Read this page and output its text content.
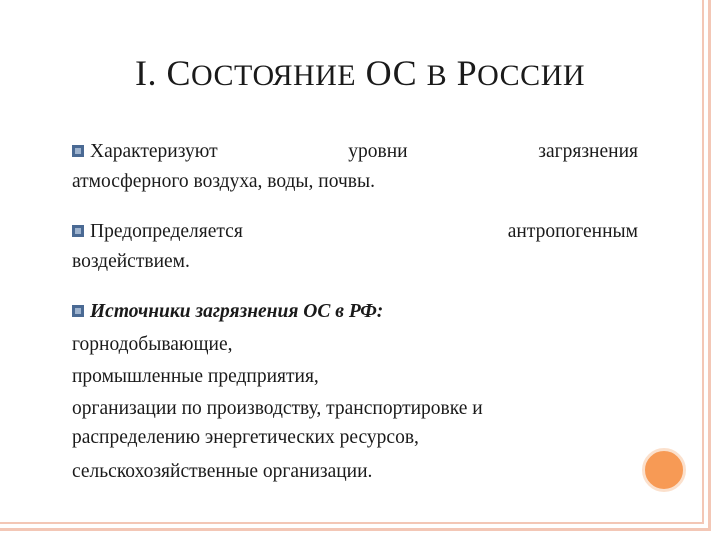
I. СОСТОЯНИЕ ОС В РОССИИ
Характеризуют	уровни	загрязнения
атмосферного воздуха, воды, почвы.
Предопределяется	антропогенным
воздействием.
Источники загрязнения ОС в РФ:
горнодобывающие,
промышленные предприятия,
организации по производству, транспортировке и
распределению энергетических ресурсов,
сельскохозяйственные организации.
